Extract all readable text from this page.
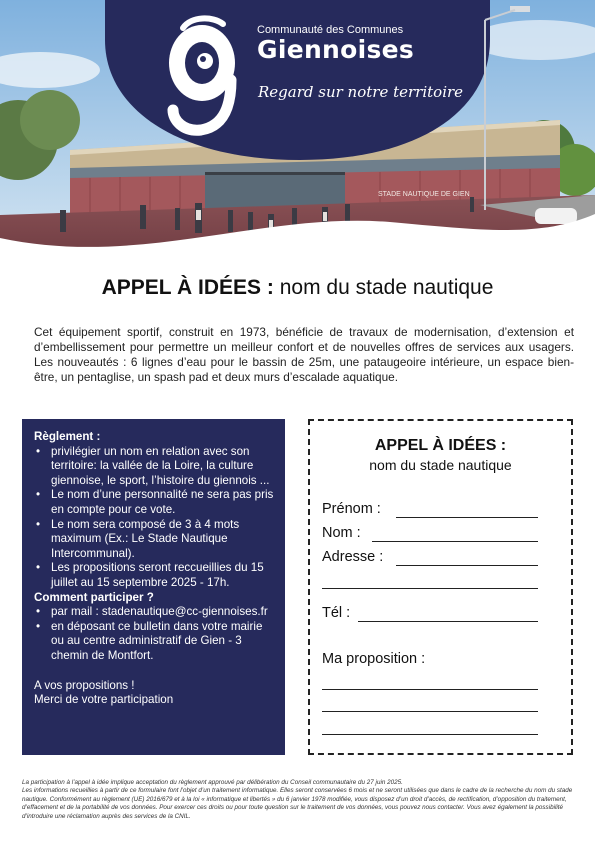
STADE NAUTIQUE DE GIEN
Communauté des Communes
Giennoises
Regard sur notre territoire
APPEL À IDÉES : nom du stade nautique
Cet équipement sportif, construit en 1973, bénéficie de travaux de modernisation, d’extension et d’embellissement pour permettre un meilleur confort et de nouvelles offres de services aux usagers. Les nouveautés : 6 lignes d’eau pour le bassin de 25m, une pataugeoire intérieure, un espace bien-être, un pentaglise, un spash pad et deux murs d’escalade aquatique.
Règlement :
• privilégier un nom en relation avec son territoire: la vallée de la Loire, la culture giennoise, le sport, l’histoire du giennois ...
• Le nom d’une personnalité ne sera pas pris en compte pour ce vote.
• Le nom sera composé de 3 à 4 mots maximum (Ex.: Le Stade Nautique Intercommunal).
• Les propositions seront reccueillies du 15 juillet au 15 septembre 2025 - 17h.
Comment participer ?
• par mail : stadenautique@cc-giennoises.fr
• en déposant ce bulletin dans votre mairie ou au centre administratif de Gien - 3 chemin de Montfort.
A vos propositions !
Merci de votre participation
APPEL À IDÉES :
nom du stade nautique
Prénom :
Nom :
Adresse :
Tél :
Ma proposition :
La participation à l’appel à idée implique acceptation du règlement approuvé par délibération du Conseil communautaire du 27 juin 2025.
Les informations recueillies à partir de ce formulaire font l’objet d’un traitement informatique. Elles seront conservées 6 mois et ne seront utilisées que dans le cadre de la recherche du nom du stade nautique. Conformément au règlement (UE) 2016/679 et à la loi « informatique et libertés » du 6 janvier 1978 modifiée, vous disposez d’un droit d’accès, de rectification, d’opposition du traitement, d’effacement et de la portabilité de vos données. Pour exercer ces droits ou pour toute question sur le traitement de vos données, vous pouvez nous contacter. Vous avez également la possibilité d’introduire une réclamation auprès des services de la CNIL.
